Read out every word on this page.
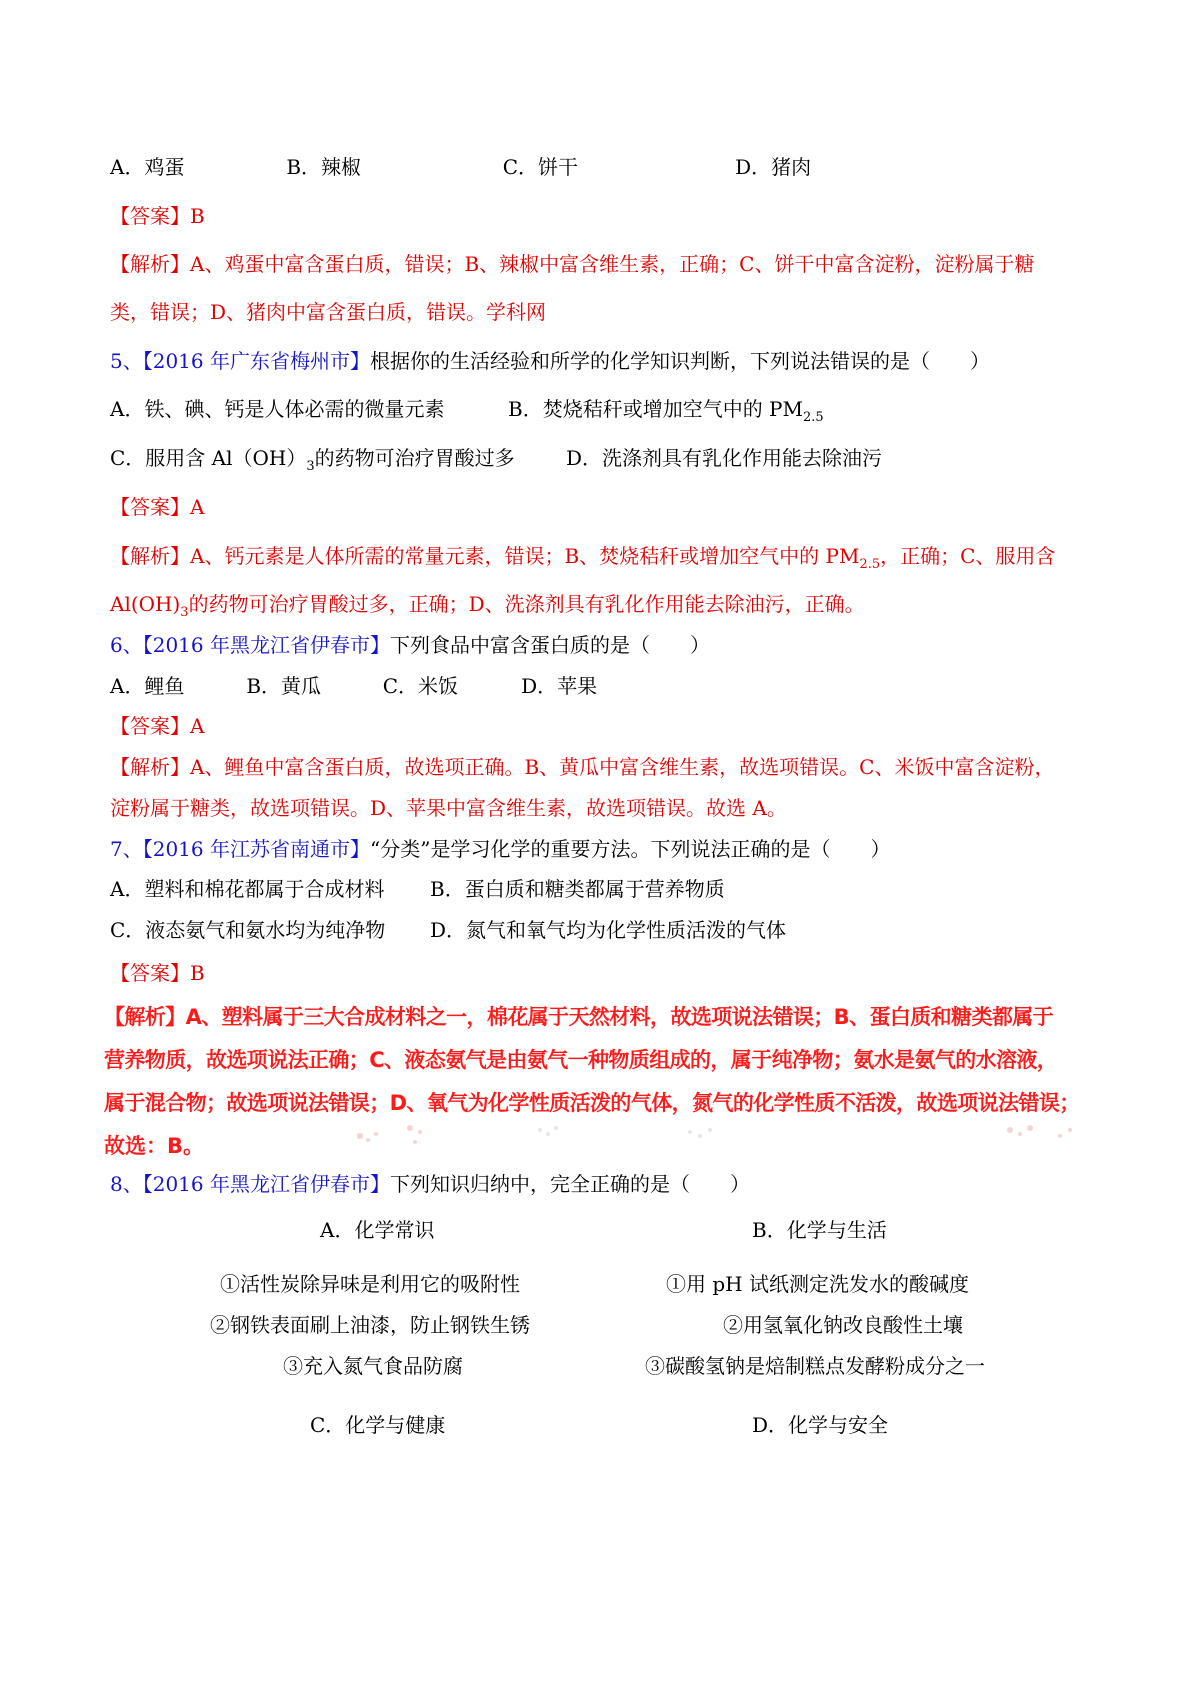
A．鸡蛋	B．辣椒	C．饼干	D．猪肉
【答案】B
【解析】A、鸡蛋中富含蛋白质，错误；B、辣椒中富含维生素，正确；C、饼干中富含淀粉，淀粉属于糖
类，错误；D、猪肉中富含蛋白质，错误。学科网
5、【2016 年广东省梅州市】根据你的生活经验和所学的化学知识判断，下列说法错误的是（　　）
A．铁、碘、钙是人体必需的微量元素	B．焚烧秸秆或增加空气中的 $PM_{2.5}$
C．服用含 $Al(OH)_3$的药物可治疗胃酸过多	D．洗涤剂具有乳化作用能去除油污
【答案】A
【解析】A、钙元素是人体所需的常量元素，错误；B、焚烧秸秆或增加空气中的 $PM_{2.5}$，正确；C、服用含
$Al(OH)_3$的药物可治疗胃酸过多，正确；D、洗涤剂具有乳化作用能去除油污，正确。
6、【2016 年黑龙江省伊春市】下列食品中富含蛋白质的是（　　）
A．鲤鱼	B．黄瓜	C．米饭	D．苹果
【答案】A
【解析】A、鲤鱼中富含蛋白质，故选项正确。B、黄瓜中富含维生素，故选项错误。C、米饭中富含淀粉，
淀粉属于糖类，故选项错误。D、苹果中富含维生素，故选项错误。故选 A。
7、【2016 年江苏省南通市】“分类”是学习化学的重要方法。下列说法正确的是（　　）
A．塑料和棉花都属于合成材料 B．蛋白质和糖类都属于营养物质
C．液态氨气和氨水均为纯净物 D．氮气和氧气均为化学性质活泼的气体
【答案】B
【解析】A、塑料属于三大合成材料之一，棉花属于天然材料，故选项说法错误；B、蛋白质和糖类都属于
营养物质，故选项说法正确；C、液态氨气是由氨气一种物质组成的，属于纯净物；氨水是氨气的水溶液，
属于混合物；故选项说法错误；D、氧气为化学性质活泼的气体，氮气的化学性质不活泼，故选项说法错误；
故选：B。
8、【2016 年黑龙江省伊春市】下列知识归纳中，完全正确的是（　　）
A．化学常识	B．化学与生活
①活性炭除异味是利用它的吸附性
②钢铁表面刷上油漆，防止钢铁生锈
③充入氮气食品防腐
①用 pH 试纸测定洗发水的酸碱度
②用氢氧化钠改良酸性土壤
③碳酸氢钠是焙制糕点发酵粉成分之一
C．化学与健康	D．化学与安全
